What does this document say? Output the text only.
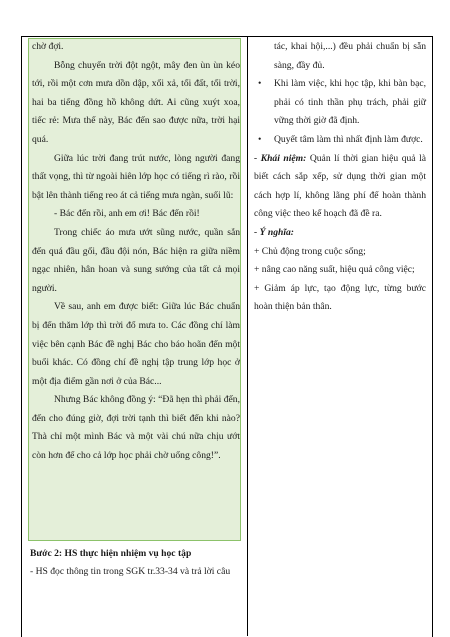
chờ đợi.

Bỗng chuyển trời đột ngột, mây đen ùn ùn kéo tới, rồi một cơn mưa dồn dập, xối xả, tối đất, tối trời, hai ba tiếng đồng hồ không dứt. Ai cũng xuýt xoa, tiếc rẻ: Mưa thế này, Bác đến sao được nữa, trời hại quá.

Giữa lúc trời đang trút nước, lòng người đang thất vọng, thì từ ngoài hiên lớp học có tiếng rì rào, rồi bật lên thành tiếng reo át cả tiếng mưa ngàn, suối lũ:

- Bác đến rồi, anh em ơi! Bác đến rồi!

Trong chiếc áo mưa ướt sũng nước, quần sắn đến quá đầu gối, đầu đội nón, Bác hiện ra giữa niềm ngạc nhiên, hân hoan và sung sướng của tất cả mọi người.

Về sau, anh em được biết: Giữa lúc Bác chuẩn bị đến thăm lớp thì trời đổ mưa to. Các đồng chí làm việc bên cạnh Bác đề nghị Bác cho báo hoãn đến một buổi khác. Có đồng chí đề nghị tập trung lớp học ở một địa điểm gần nơi ở của Bác...

Nhưng Bác không đồng ý: “Đã hẹn thì phải đến, đến cho đúng giờ, đợi trời tạnh thì biết đến khi nào? Thà chỉ một mình Bác và một vài chú nữa chịu ướt còn hơn để cho cả lớp học phải chờ uổng công!”.

Bước 2: HS thực hiện nhiệm vụ học tập

- HS đọc thông tin trong SGK tr.33-34 và trả lời câu

tác, khai hội,...) đều phải chuẩn bị sẵn sàng, đầy đủ.

• Khi làm việc, khi học tập, khi bàn bạc, phải có tinh thần phụ trách, phải giữ vững thời giờ đã định.

• Quyết tâm làm thì nhất định làm được.

- Khái niệm: Quản lí thời gian hiệu quả là biết cách sắp xếp, sử dụng thời gian một cách hợp lí, không lãng phí để hoàn thành công việc theo kế hoạch đã đề ra.

- Ý nghĩa:

+ Chủ động trong cuộc sống;

+ nâng cao năng suất, hiệu quả công việc;

+ Giảm áp lực, tạo động lực, từng bước hoàn thiện bản thân.
